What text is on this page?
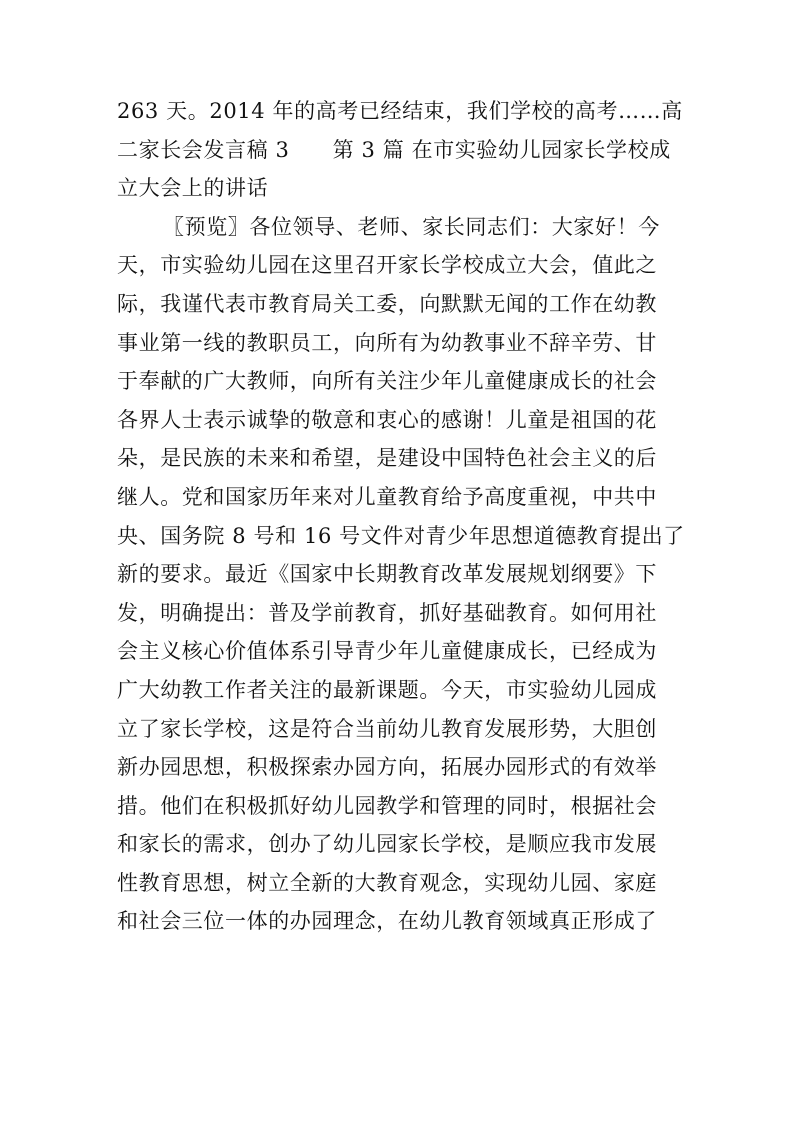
263 天。2014 年的高考已经结束，我们学校的高考……高
二家长会发言稿 3　　第 3 篇 在市实验幼儿园家长学校成
立大会上的讲话
〖预览〗各位领导、老师、家长同志们：大家好！今
天，市实验幼儿园在这里召开家长学校成立大会，值此之
际，我谨代表市教育局关工委，向默默无闻的工作在幼教
事业第一线的教职员工，向所有为幼教事业不辞辛劳、甘
于奉献的广大教师，向所有关注少年儿童健康成长的社会
各界人士表示诚挚的敬意和衷心的感谢！儿童是祖国的花
朵，是民族的未来和希望，是建设中国特色社会主义的后
继人。党和国家历年来对儿童教育给予高度重视，中共中
央、国务院 8 号和 16 号文件对青少年思想道德教育提出了
新的要求。最近《国家中长期教育改革发展规划纲要》下
发，明确提出：普及学前教育，抓好基础教育。如何用社
会主义核心价值体系引导青少年儿童健康成长，已经成为
广大幼教工作者关注的最新课题。今天，市实验幼儿园成
立了家长学校，这是符合当前幼儿教育发展形势，大胆创
新办园思想，积极探索办园方向，拓展办园形式的有效举
措。他们在积极抓好幼儿园教学和管理的同时，根据社会
和家长的需求，创办了幼儿园家长学校，是顺应我市发展
性教育思想，树立全新的大教育观念，实现幼儿园、家庭
和社会三位一体的办园理念，在幼儿教育领域真正形成了
